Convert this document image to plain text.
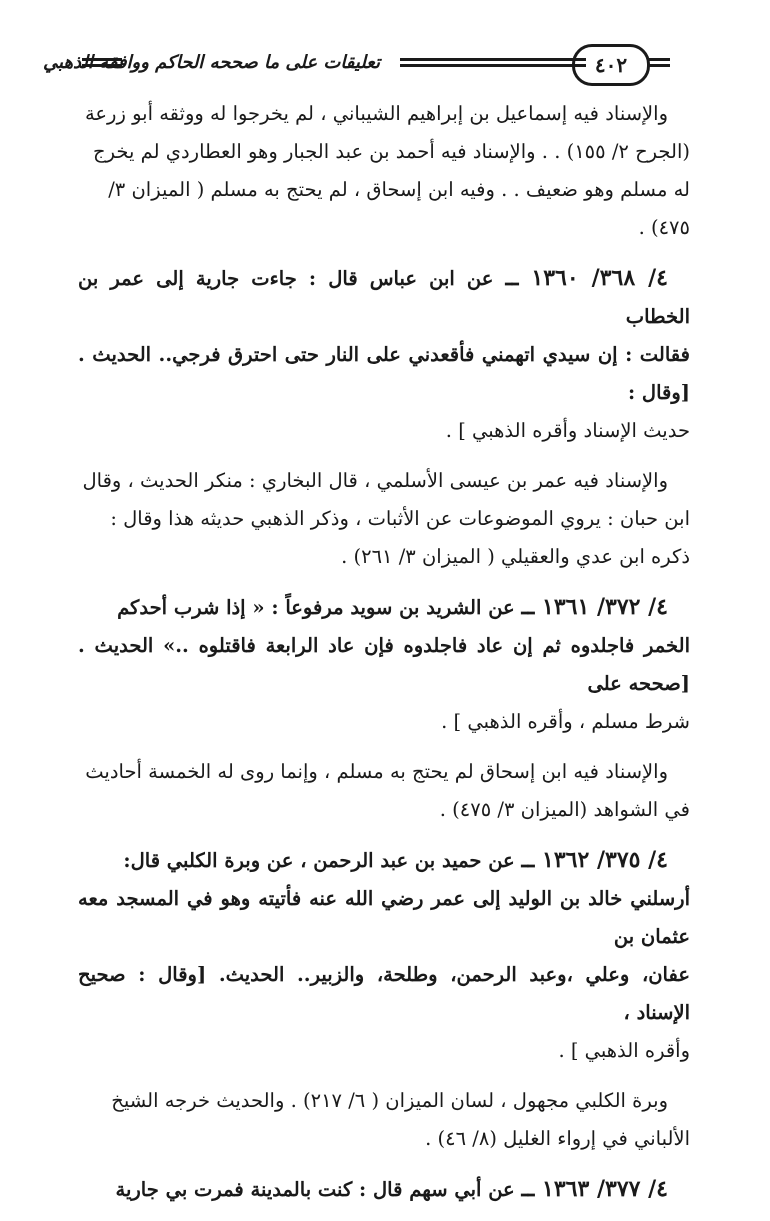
تعليقات على ما صححه الحاكم ووافقه الذهبي	٤٠٢

والإسناد فيه إسماعيل بن إبراهيم الشيباني ، لم يخرجوا له ووثقه أبو زرعة

(الجرح ٢/ ١٥٥) . . والإسناد فيه أحمد بن عبد الجبار وهو العطاردي لم يخرج

له مسلم وهو ضعيف . . وفيه ابن إسحاق ، لم يحتج به مسلم ( الميزان ٣/

٤٧٥) .

٤/ ٣٦٨/ ١٣٦٠ ــ عن ابن عباس قال : جاءت جارية إلى عمر بن الخطاب

فقالت : إن سيدي اتهمني فأقعدني على النار حتى احترق فرجي.. الحديث . [وقال :

حديث الإسناد وأقره الذهبي ] .

والإسناد فيه عمر بن عيسى الأسلمي ، قال البخاري : منكر الحديث ، وقال

ابن حبان : يروي الموضوعات عن الأثبات ، وذكر الذهبي حديثه هذا وقال :

ذكره ابن عدي والعقيلي ( الميزان ٣/ ٢٦١) .

٤/ ٣٧٢/ ١٣٦١ ــ عن الشريد بن سويد مرفوعاً : « إذا شرب أحدكم

الخمر فاجلدوه ثم إن عاد فاجلدوه فإن عاد الرابعة فاقتلوه ..» الحديث . [صححه على

شرط مسلم ، وأقره الذهبي ] .

والإسناد فيه ابن إسحاق لم يحتج به مسلم ، وإنما روى له الخمسة أحاديث

في الشواهد (الميزان ٣/ ٤٧٥) .

٤/ ٣٧٥/ ١٣٦٢ ــ عن حميد بن عبد الرحمن ، عن وبرة الكلبي قال:

أرسلني خالد بن الوليد إلى عمر رضي الله عنه فأتيته وهو في المسجد معه عثمان بن

عفان، وعلي ،وعبد الرحمن، وطلحة، والزبير.. الحديث. [وقال : صحيح الإسناد ،

وأقره الذهبي ] .

وبرة الكلبي مجهول ، لسان الميزان ( ٦/ ٢١٧) . والحديث خرجه الشيخ

الألباني في إرواء الغليل (٨/ ٤٦) .

٤/ ٣٧٧/ ١٣٦٣ ــ عن أبي سهم قال : كنت بالمدينة فمرت بي جارية
